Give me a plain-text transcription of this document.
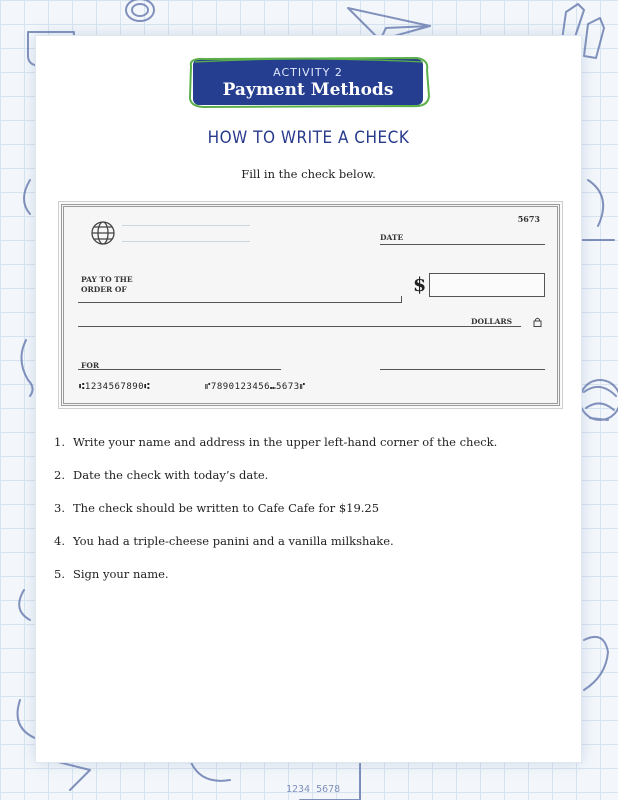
1234 5678
ACTIVITY 2
Payment Methods
HOW TO WRITE A CHECK
Fill in the check below.
5673
DATE
PAY TO THE
ORDER OF	$
DOLLARS
FOR
⑆1234567890⑆	⑈7890123456⑉5673⑈
1. Write your name and address in the upper left-hand corner of the check.
2. Date the check with today’s date.
3. The check should be written to Cafe Cafe for $19.25
4. You had a triple-cheese panini and a vanilla milkshake.
5. Sign your name.
